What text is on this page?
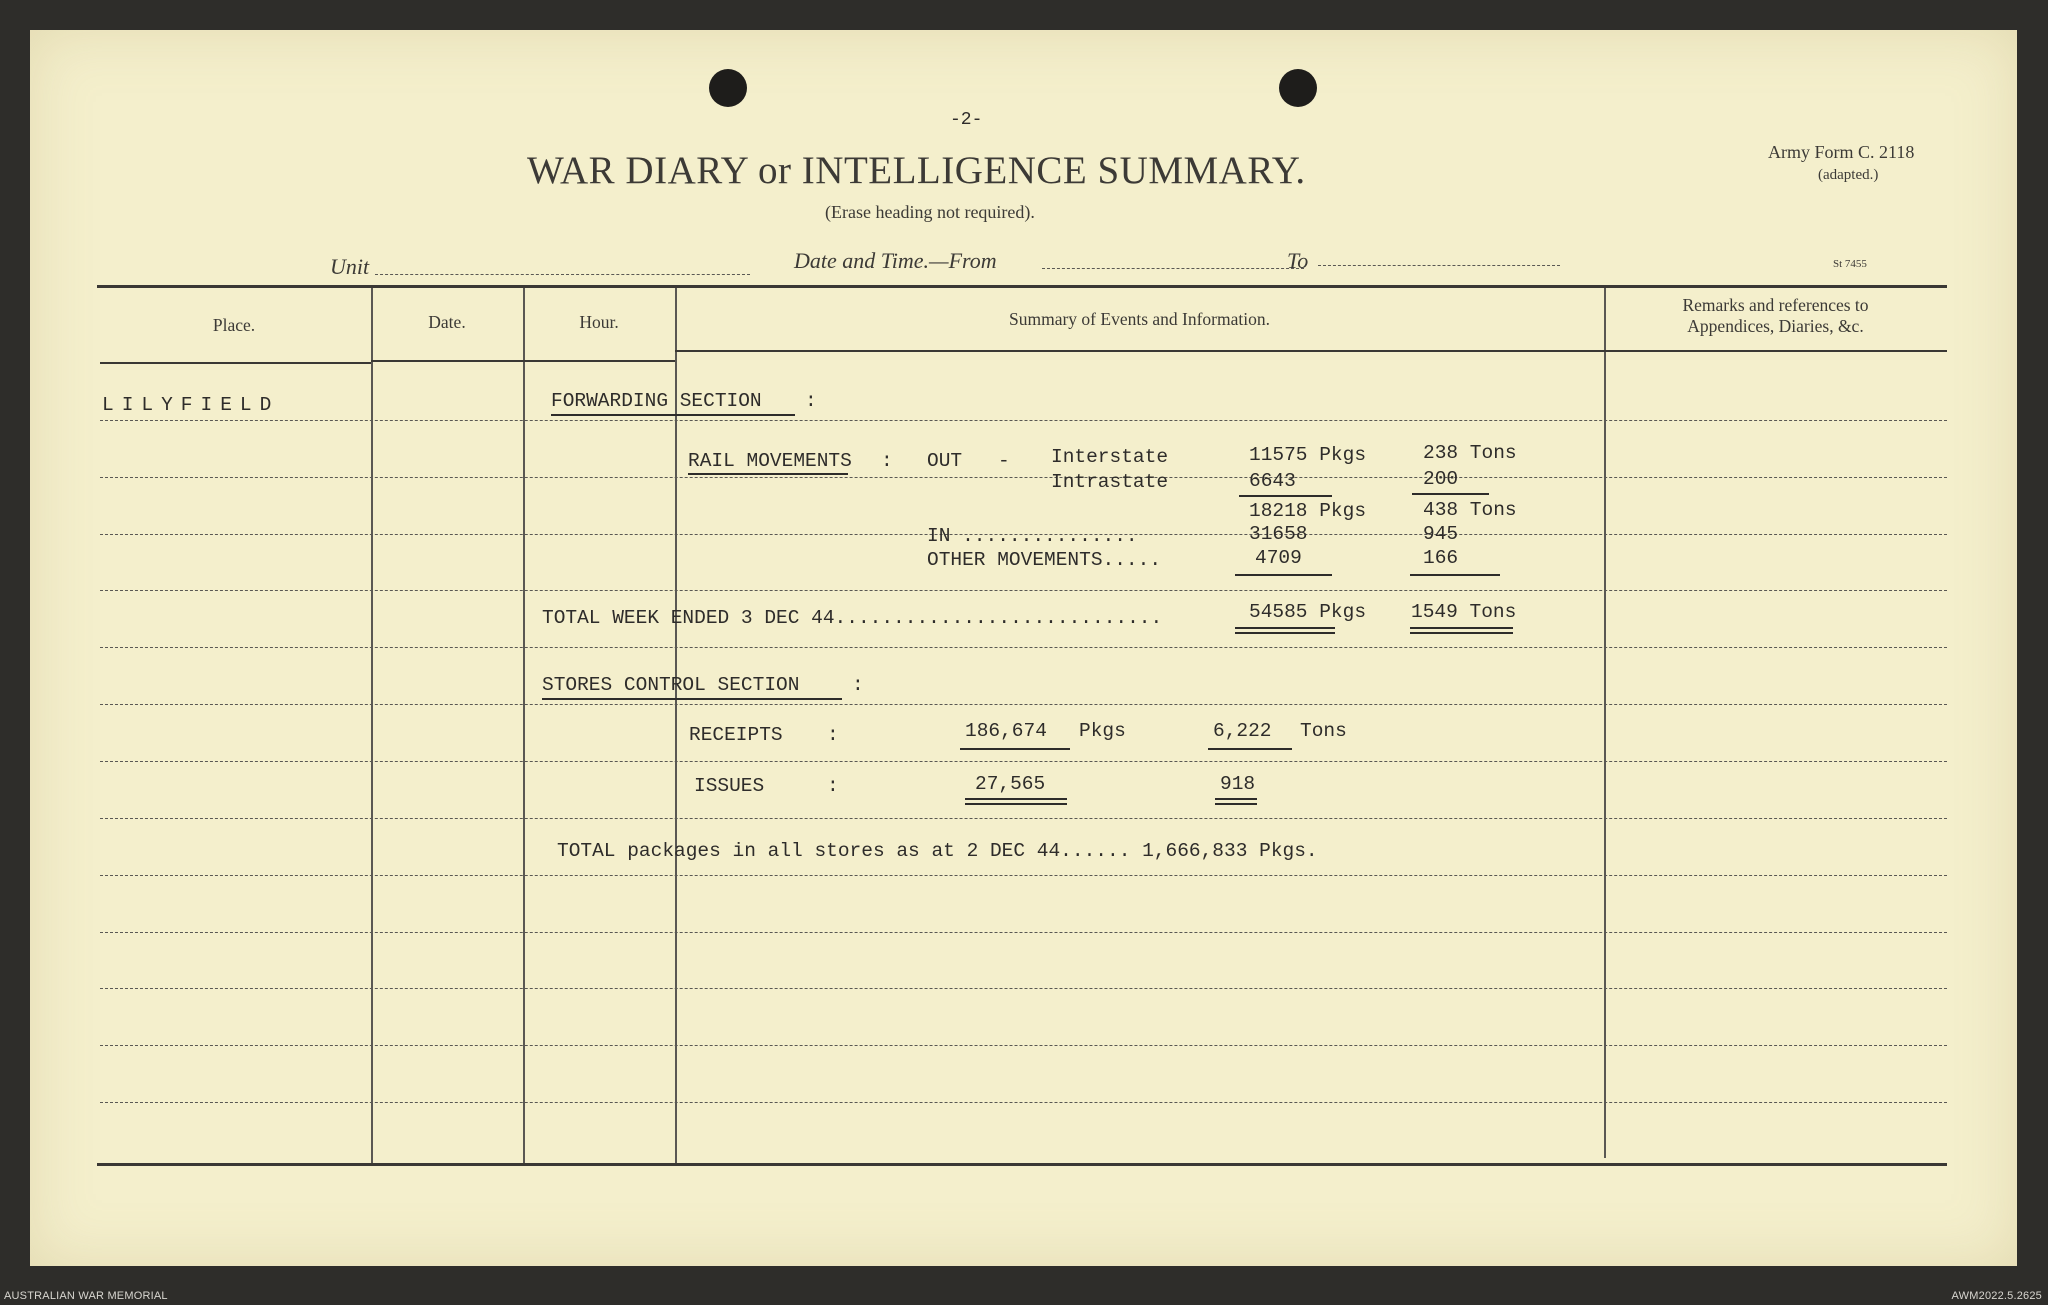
-2-
WAR DIARY or INTELLIGENCE SUMMARY.
(Erase heading not required).
Army Form C. 2118
(adapted.)
St 7455
Unit	Date and Time.—From	To
Place.	Date.	Hour.	Summary of Events and Information.
Remarks and references to
Appendices, Diaries, &c.
LILYFIELD	FORWARDING SECTION :
RAIL MOVEMENTS : OUT - Interstate	11575 Pkgs	238 Tons
Intrastate	6643	200
18218 Pkgs	438 Tons
IN ...............	31658	945
OTHER MOVEMENTS.....	4709	166
TOTAL WEEK ENDED 3 DEC 44............................	54585 Pkgs 1549 Tons
STORES CONTROL SECTION	:
RECEIPTS :	186,674 Pkgs	6,222 Tons
ISSUES	:	27,565	918
TOTAL packages in all stores as at 2 DEC 44...... 1,666,833 Pkgs.
AUSTRALIAN WAR MEMORIAL	AWM2022.5.2625
